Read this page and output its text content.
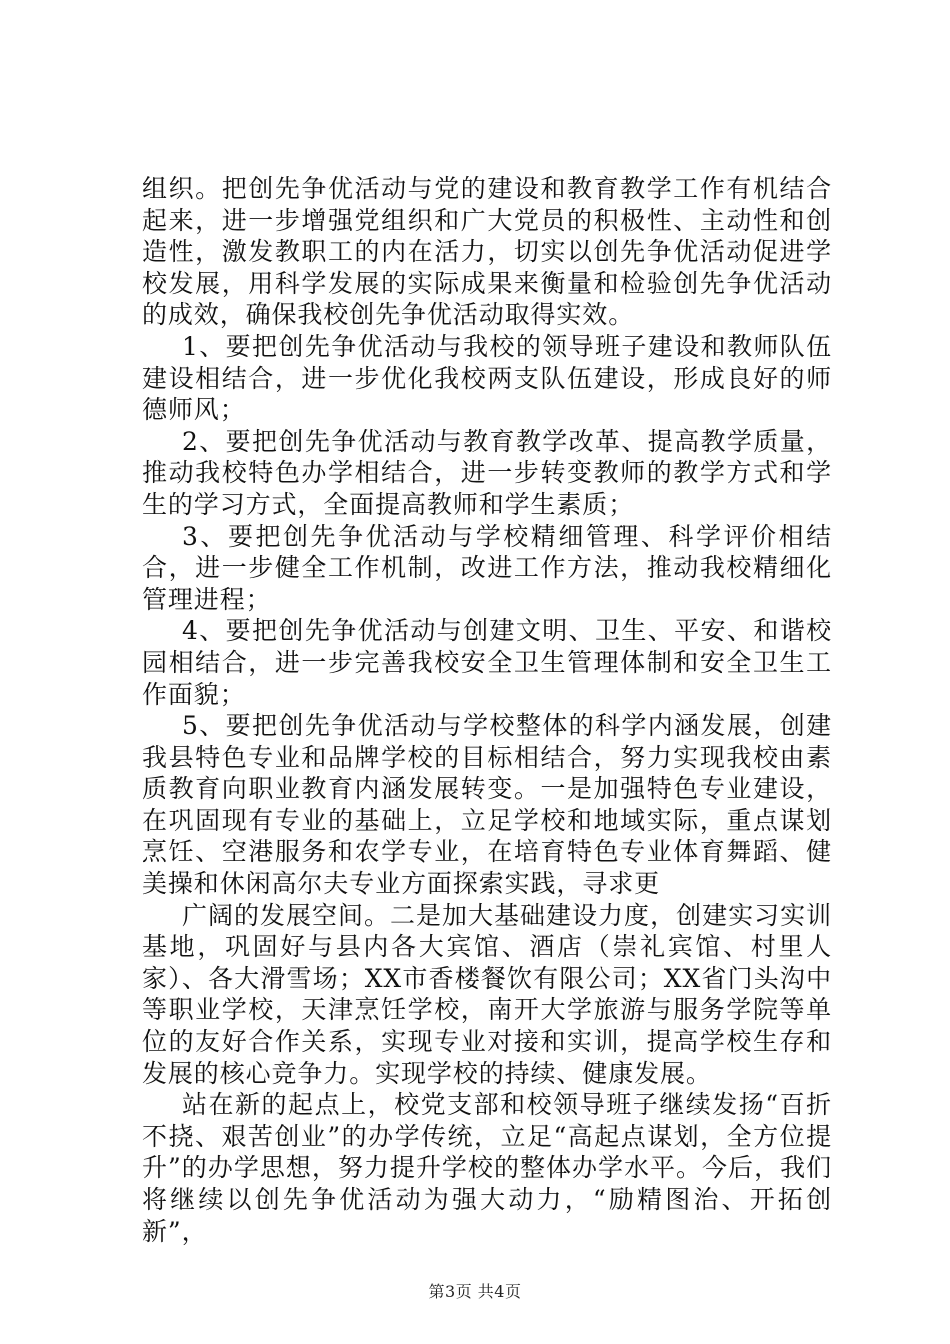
组织。把创先争优活动与党的建设和教育教学工作有机结合起来，进一步增强党组织和广大党员的积极性、主动性和创造性，激发教职工的内在活力，切实以创先争优活动促进学校发展，用科学发展的实际成果来衡量和检验创先争优活动的成效，确保我校创先争优活动取得实效。

1、要把创先争优活动与我校的领导班子建设和教师队伍建设相结合，进一步优化我校两支队伍建设，形成良好的师德师风；

2、要把创先争优活动与教育教学改革、提高教学质量，推动我校特色办学相结合，进一步转变教师的教学方式和学生的学习方式，全面提高教师和学生素质；

3、要把创先争优活动与学校精细管理、科学评价相结合，进一步健全工作机制，改进工作方法，推动我校精细化管理进程；

4、要把创先争优活动与创建文明、卫生、平安、和谐校园相结合，进一步完善我校安全卫生管理体制和安全卫生工作面貌；

5、要把创先争优活动与学校整体的科学内涵发展，创建我县特色专业和品牌学校的目标相结合，努力实现我校由素质教育向职业教育内涵发展转变。一是加强特色专业建设，在巩固现有专业的基础上，立足学校和地域实际，重点谋划烹饪、空港服务和农学专业，在培育特色专业体育舞蹈、健美操和休闲高尔夫专业方面探索实践，寻求更

广阔的发展空间。二是加大基础建设力度，创建实习实训基地，巩固好与县内各大宾馆、酒店（崇礼宾馆、村里人家）、各大滑雪场；XX市香楼餐饮有限公司；XX省门头沟中等职业学校，天津烹饪学校，南开大学旅游与服务学院等单位的友好合作关系，实现专业对接和实训，提高学校生存和发展的核心竞争力。实现学校的持续、健康发展。

站在新的起点上，校党支部和校领导班子继续发扬“百折不挠、艰苦创业”的办学传统，立足“高起点谋划，全方位提升”的办学思想，努力提升学校的整体办学水平。今后，我们将继续以创先争优活动为强大动力，“励精图治、开拓创新”，

第3页 共4页
